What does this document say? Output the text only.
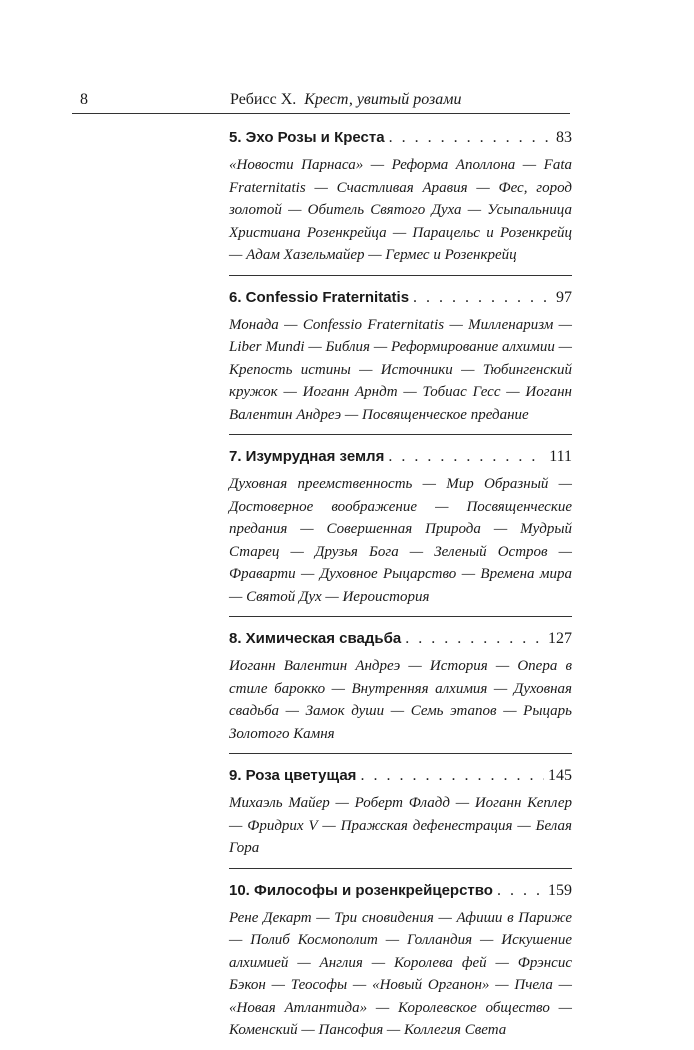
8	Ребисс X. Крест, увитый розами
5. Эхо Розы и Креста . . .	83
«Новости Парнаса» — Реформа Аполлона — Fata Fraternitatis — Счастливая Аравия — Фес, город золотой — Обитель Святого Духа — Усыпальница Христиана Розенкрейца — Парацельс и Розенкрейц — Адам Хазельмайер — Гермес и Розенкрейц
6. Confessio Fraternitatis . . .	97
Монада — Confessio Fraternitatis — Милленаризм — Liber Mundi — Библия — Реформирование алхимии — Крепость истины — Источники — Тюбингенский кружок — Иоганн Арндт — Тобиас Гесс — Иоганн Валентин Андреэ — Посвященческое предание
7. Изумрудная земля . . .	111
Духовная преемственность — Мир Образный — Достоверное воображение — Посвященческие предания — Совершенная Природа — Мудрый Старец — Друзья Бога — Зеленый Остров — Фраварти — Духовное Рыцарство — Времена мира — Святой Дух — Иероистория
8. Химическая свадьба . . .	127
Иоганн Валентин Андреэ — История — Опера в стиле барокко — Внутренняя алхимия — Духовная свадьба — Замок души — Семь этапов — Рыцарь Золотого Камня
9. Роза цветущая . . .	145
Михаэль Майер — Роберт Фладд — Иоганн Кеплер — Фридрих V — Пражская дефенестрация — Белая Гора
10. Философы и розенкрейцерство . . .	159
Рене Декарт — Три сновидения — Афиши в Париже — Полиб Космополит — Голландия — Искушение алхимией — Англия — Королева фей — Фрэнсис Бэкон — Теософы — «Новый Органон» — Пчела — «Новая Атлантида» — Королевское общество — Коменский — Пансофия — Коллегия Света
